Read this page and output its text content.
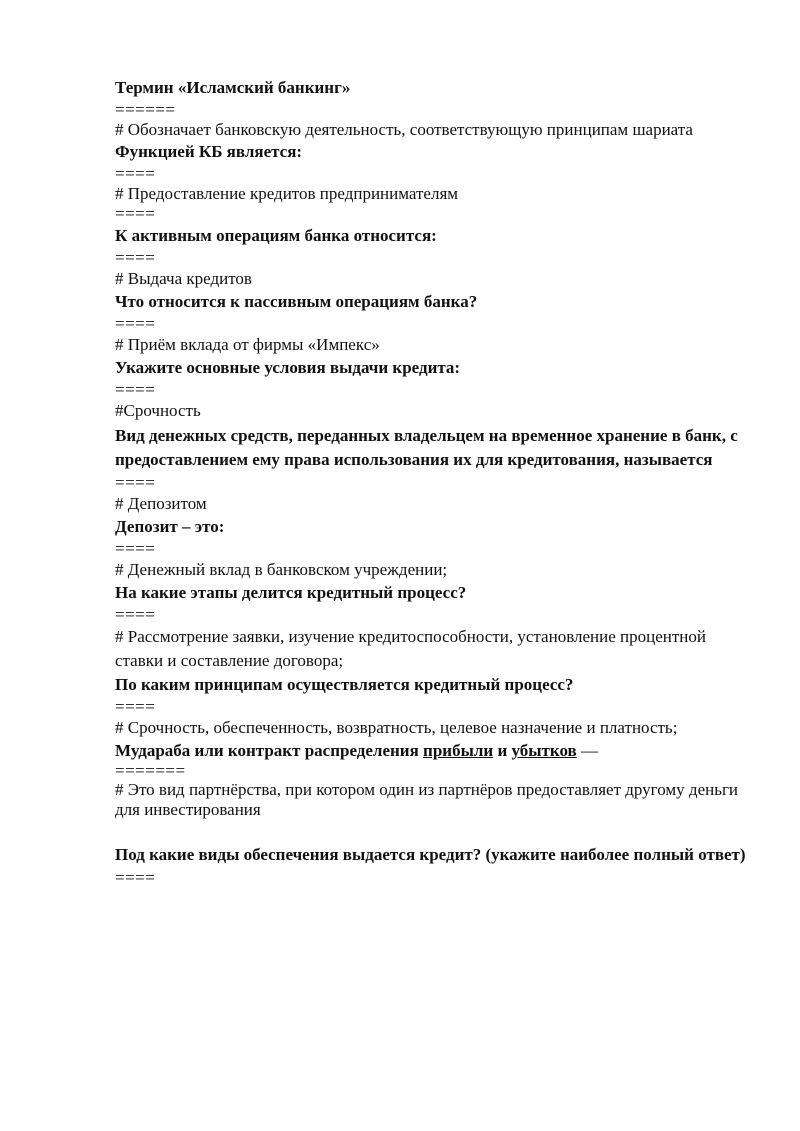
Термин «Исламский банкинг»

======

# Обозначает банковскую деятельность, соответствующую принципам шариата

Функцией КБ является:

====

# Предоставление кредитов предпринимателям

====

К активным операциям банка относится:

====

# Выдача кредитов

Что относится к пассивным операциям банка?

====

# Приём вклада от фирмы «Импекс»

Укажите основные условия выдачи кредита:

====

#Срочность

Вид денежных средств, переданных владельцем на временное хранение в банк, с предоставлением ему права использования их для кредитования, называется

====

# Депозитом

Депозит – это:

====

# Денежный вклад в банковском учреждении;

На какие этапы делится кредитный процесс?

====

# Рассмотрение заявки, изучение кредитоспособности, установление процентной ставки и составление договора;

По каким принципам осуществляется кредитный процесс?

====

# Срочность, обеспеченность, возвратность, целевое назначение и платность;

Мудараба или контракт распределения прибыли и убытков —

=======

# Это вид партнёрства, при котором один из партнёров предоставляет другому деньги для инвестирования

Под какие виды обеспечения выдается кредит? (укажите наиболее полный ответ)

====
